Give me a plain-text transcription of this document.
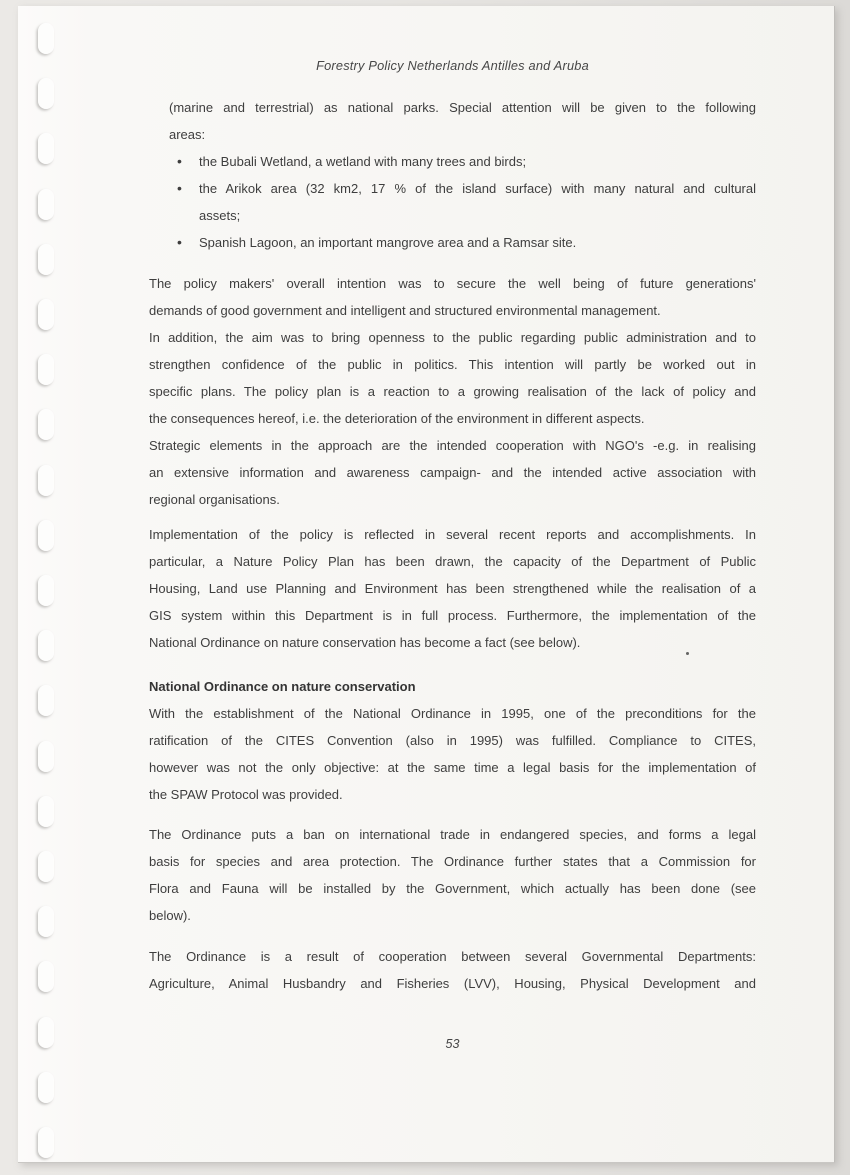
Forestry Policy Netherlands Antilles and Aruba
(marine and terrestrial) as national parks. Special attention will be given to the following
areas:
• the Bubali Wetland, a wetland with many trees and birds;
• the Arikok area (32 km2, 17 % of the island surface) with many natural and cultural
assets;
• Spanish Lagoon, an important mangrove area and a Ramsar site.
The policy makers' overall intention was to secure the well being of future generations'
demands of good government and intelligent and structured environmental management.
In addition, the aim was to bring openness to the public regarding public administration and to
strengthen confidence of the public in politics. This intention will partly be worked out in
specific plans. The policy plan is a reaction to a growing realisation of the lack of policy and
the consequences hereof, i.e. the deterioration of the environment in different aspects.
Strategic elements in the approach are the intended cooperation with NGO's -e.g. in realising
an extensive information and awareness campaign- and the intended active association with
regional organisations.
Implementation of the policy is reflected in several recent reports and accomplishments. In
particular, a Nature Policy Plan has been drawn, the capacity of the Department of Public
Housing, Land use Planning and Environment has been strengthened while the realisation of a
GIS system within this Department is in full process. Furthermore, the implementation of the
National Ordinance on nature conservation has become a fact (see below).
National Ordinance on nature conservation
With the establishment of the National Ordinance in 1995, one of the preconditions for the
ratification of the CITES Convention (also in 1995) was fulfilled. Compliance to CITES,
however was not the only objective: at the same time a legal basis for the implementation of
the SPAW Protocol was provided.
The Ordinance puts a ban on international trade in endangered species, and forms a legal
basis for species and area protection. The Ordinance further states that a Commission for
Flora and Fauna will be installed by the Government, which actually has been done (see
below).
The Ordinance is a result of cooperation between several Governmental Departments:
Agriculture, Animal Husbandry and Fisheries (LVV), Housing, Physical Development and
53
